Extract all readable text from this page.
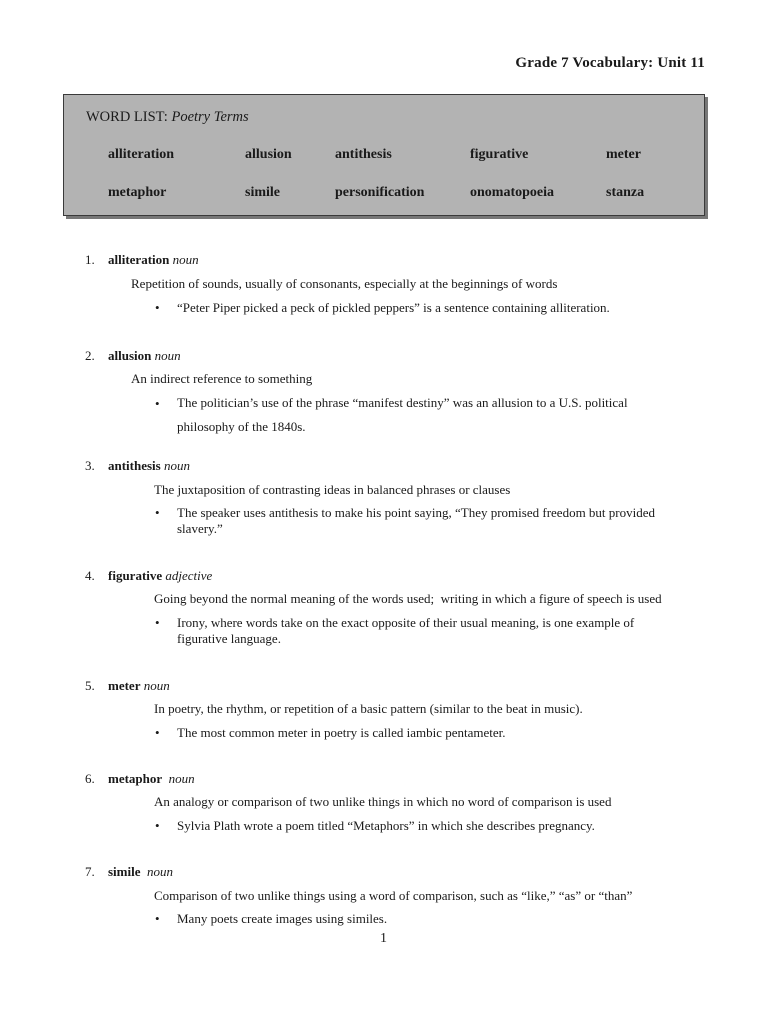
Grade 7 Vocabulary: Unit 11
WORD LIST: Poetry Terms
alliteration	allusion	antithesis	figurative	meter
metaphor	simile	personification	onomatopoeia	stanza
1. alliteration noun
Repetition of sounds, usually of consonants, especially at the beginnings of words
• “Peter Piper picked a peck of pickled peppers” is a sentence containing alliteration.
2. allusion noun
An indirect reference to something
• The politician’s use of the phrase “manifest destiny” was an allusion to a U.S. political philosophy of the 1840s.
3. antithesis noun
The juxtaposition of contrasting ideas in balanced phrases or clauses
• The speaker uses antithesis to make his point saying, “They promised freedom but provided slavery.”
4. figurative adjective
Going beyond the normal meaning of the words used;  writing in which a figure of speech is used
• Irony, where words take on the exact opposite of their usual meaning, is one example of figurative language.
5. meter noun
In poetry, the rhythm, or repetition of a basic pattern (similar to the beat in music).
• The most common meter in poetry is called iambic pentameter.
6. metaphor noun
An analogy or comparison of two unlike things in which no word of comparison is used
• Sylvia Plath wrote a poem titled “Metaphors” in which she describes pregnancy.
7. simile noun
Comparison of two unlike things using a word of comparison, such as “like,” “as” or “than”
• Many poets create images using similes.
1
